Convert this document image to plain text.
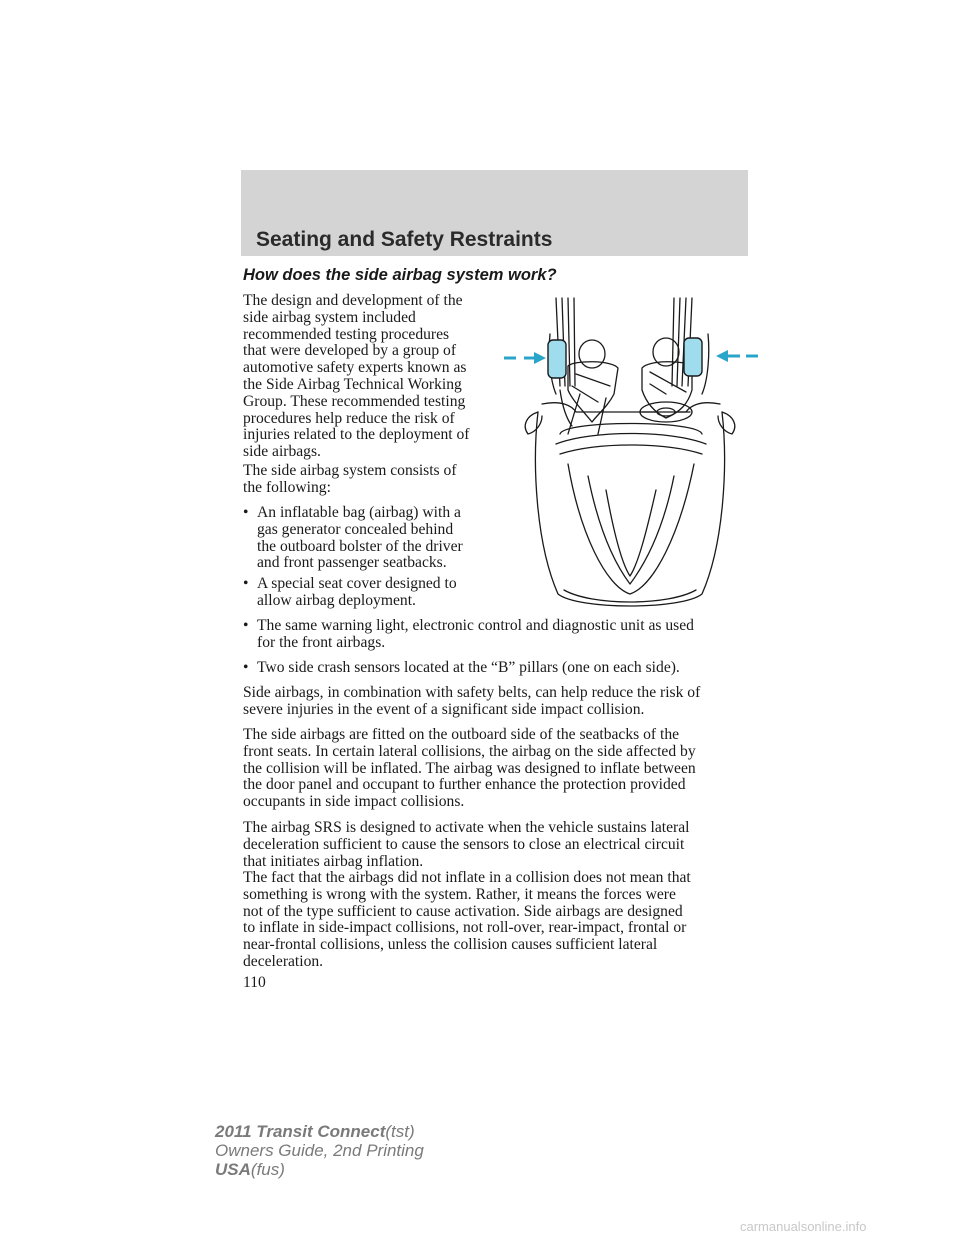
Seating and Safety Restraints
How does the side airbag system work?

The design and development of the

side airbag system included

recommended testing procedures

that were developed by a group of

automotive safety experts known as

the Side Airbag Technical Working

Group. These recommended testing

procedures help reduce the risk of

injuries related to the deployment of

side airbags.

The side airbag system consists of

the following:

• An inflatable bag (airbag) with a
gas generator concealed behind
the outboard bolster of the driver
and front passenger seatbacks.
• A special seat cover designed to
allow airbag deployment.
• The same warning light, electronic control and diagnostic unit as used
for the front airbags.
• Two side crash sensors located at the “B” pillars (one on each side).

Side airbags, in combination with safety belts, can help reduce the risk of

severe injuries in the event of a significant side impact collision.

The side airbags are fitted on the outboard side of the seatbacks of the

front seats. In certain lateral collisions, the airbag on the side affected by

the collision will be inflated. The airbag was designed to inflate between

the door panel and occupant to further enhance the protection provided

occupants in side impact collisions.

The airbag SRS is designed to activate when the vehicle sustains lateral

deceleration sufficient to cause the sensors to close an electrical circuit

that initiates airbag inflation.

The fact that the airbags did not inflate in a collision does not mean that

something is wrong with the system. Rather, it means the forces were

not of the type sufficient to cause activation. Side airbags are designed

to inflate in side-impact collisions, not roll-over, rear-impact, frontal or

near-frontal collisions, unless the collision causes sufficient lateral

deceleration.

110
2011 Transit Connect(tst)
Owners Guide, 2nd Printing
USA(fus)
carmanualsonline.info
